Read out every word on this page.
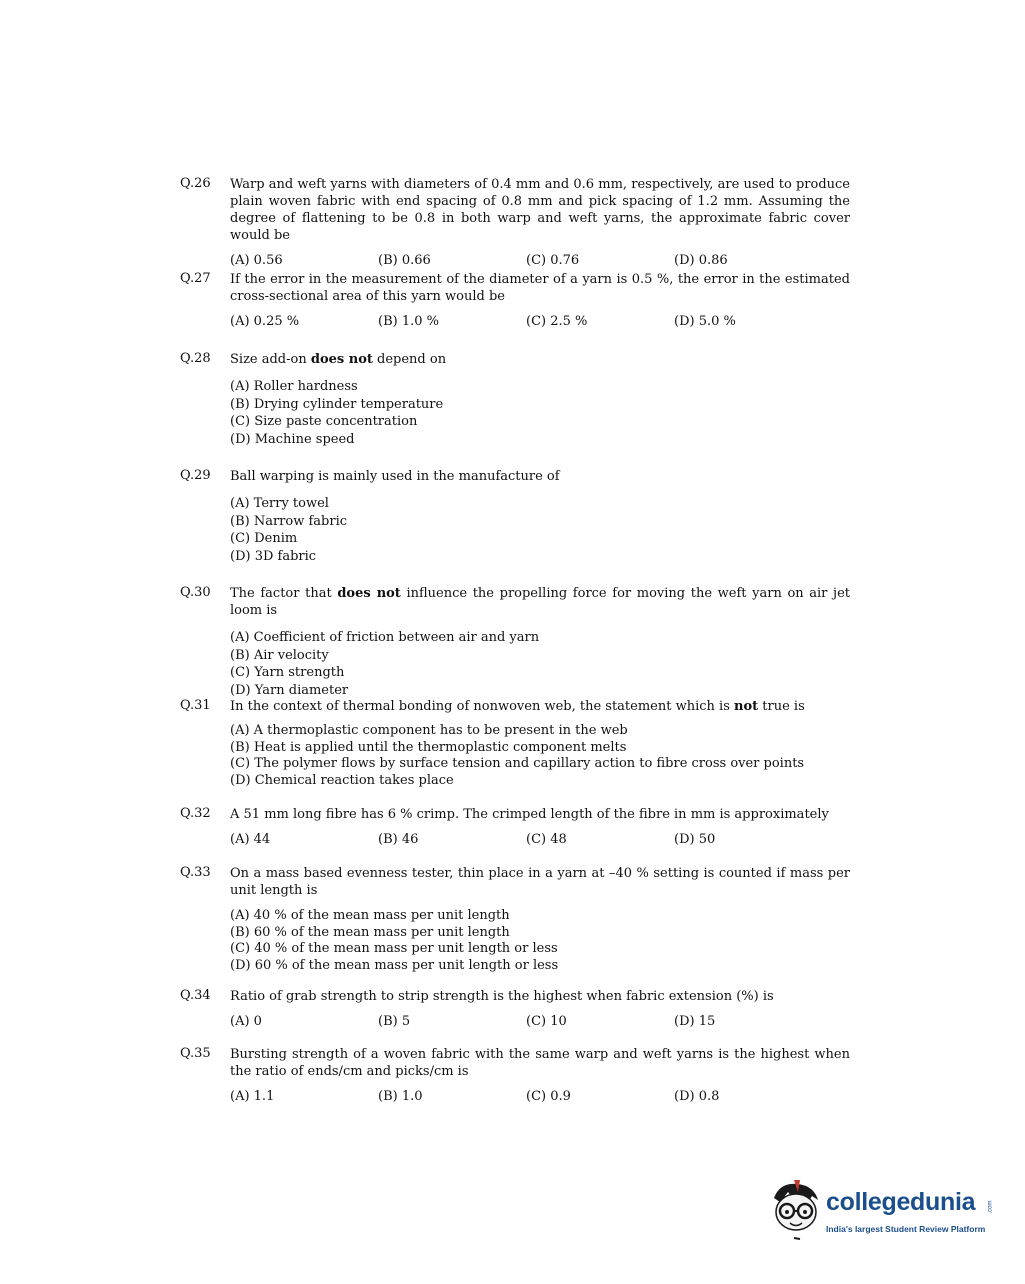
Q.26	Warp and weft yarns with diameters of 0.4 mm and 0.6 mm, respectively, are used to produce plain woven fabric with end spacing of 0.8 mm and pick spacing of 1.2 mm. Assuming the degree of flattening to be 0.8 in both warp and weft yarns, the approximate fabric cover would be
(A) 0.56	(B) 0.66	(C) 0.76	(D) 0.86
Q.27	If the error in the measurement of the diameter of a yarn is 0.5 %, the error in the estimated cross-sectional area of this yarn would be
(A) 0.25 %	(B) 1.0 %	(C) 2.5 %	(D) 5.0 %
Q.28	Size add-on does not depend on
(A) Roller hardness
(B) Drying cylinder temperature
(C) Size paste concentration
(D) Machine speed
Q.29	Ball warping is mainly used in the manufacture of
(A) Terry towel
(B) Narrow fabric
(C) Denim
(D) 3D fabric
Q.30	The factor that does not influence the propelling force for moving the weft yarn on air jet loom is
(A) Coefficient of friction between air and yarn
(B) Air velocity
(C) Yarn strength
(D) Yarn diameter
Q.31	In the context of thermal bonding of nonwoven web, the statement which is not true is
(A) A thermoplastic component has to be present in the web
(B) Heat is applied until the thermoplastic component melts
(C) The polymer flows by surface tension and capillary action to fibre cross over points
(D) Chemical reaction takes place
Q.32	A 51 mm long fibre has 6 % crimp. The crimped length of the fibre in mm is approximately
(A) 44	(B) 46	(C) 48	(D) 50
Q.33	On a mass based evenness tester, thin place in a yarn at –40 % setting is counted if mass per unit length is
(A) 40 % of the mean mass per unit length
(B) 60 % of the mean mass per unit length
(C) 40 % of the mean mass per unit length or less
(D) 60 % of the mean mass per unit length or less
Q.34	Ratio of grab strength to strip strength is the highest when fabric extension (%) is
(A) 0	(B) 5	(C) 10	(D) 15
Q.35	Bursting strength of a woven fabric with the same warp and weft yarns is the highest when the ratio of ends/cm and picks/cm is
(A) 1.1	(B) 1.0	(C) 0.9	(D) 0.8
collegedunia .com
India's largest Student Review Platform
